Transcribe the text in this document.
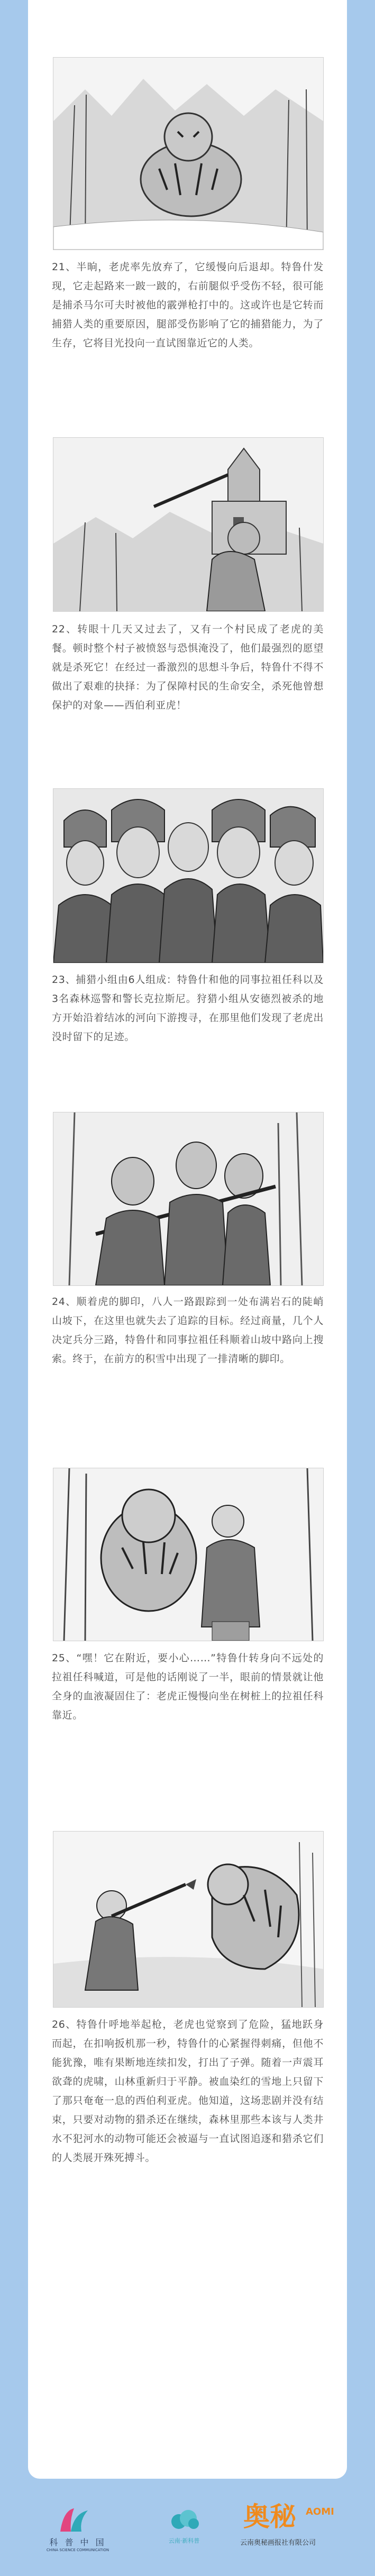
21、半晌，老虎率先放弃了，它缓慢向后退却。特鲁什发现，它走起路来一跛一跛的，右前腿似乎受伤不轻，很可能是捕杀马尔可夫时被他的霰弹枪打中的。这或许也是它转而捕猎人类的重要原因，腿部受伤影响了它的捕猎能力，为了生存，它将目光投向一直试图靠近它的人类。

22、转眼十几天又过去了，又有一个村民成了老虎的美餐。顿时整个村子被愤怒与恐惧淹没了，他们最强烈的愿望就是杀死它！在经过一番激烈的思想斗争后，特鲁什不得不做出了艰难的抉择：为了保障村民的生命安全，杀死他曾想保护的对象——西伯利亚虎！

23、捕猎小组由6人组成：特鲁什和他的同事拉祖任科以及3名森林巡警和警长克拉斯尼。狩猎小组从安德烈被杀的地方开始沿着结冰的河向下游搜寻，在那里他们发现了老虎出没时留下的足迹。

24、顺着虎的脚印，八人一路跟踪到一处布满岩石的陡峭山坡下，在这里也就失去了追踪的目标。经过商量，几个人决定兵分三路，特鲁什和同事拉祖任科顺着山坡中路向上搜索。终于，在前方的积雪中出现了一排清晰的脚印。

25、“嘿！它在附近，要小心……”特鲁什转身向不远处的拉祖任科喊道，可是他的话刚说了一半，眼前的情景就让他全身的血液凝固住了：老虎正慢慢向坐在树桩上的拉祖任科靠近。

26、特鲁什呼地举起枪，老虎也觉察到了危险，猛地跃身而起，在扣响扳机那一秒，特鲁什的心紧握得刺痛，但他不能犹豫，唯有果断地连续扣发，打出了子弹。随着一声震耳欲聋的虎啸，山林重新归于平静。被血染红的雪地上只留下了那只奄奄一息的西伯利亚虎。他知道，这场悲剧并没有结束，只要对动物的猎杀还在继续，森林里那些本该与人类井水不犯河水的动物可能还会被逼与一直试图追逐和猎杀它们的人类展开殊死搏斗。

科 普 中 国
CHINA SCIENCE COMMUNICATION
云南·新科普
奥秘 AOMI
云南奥秘画报社有限公司
